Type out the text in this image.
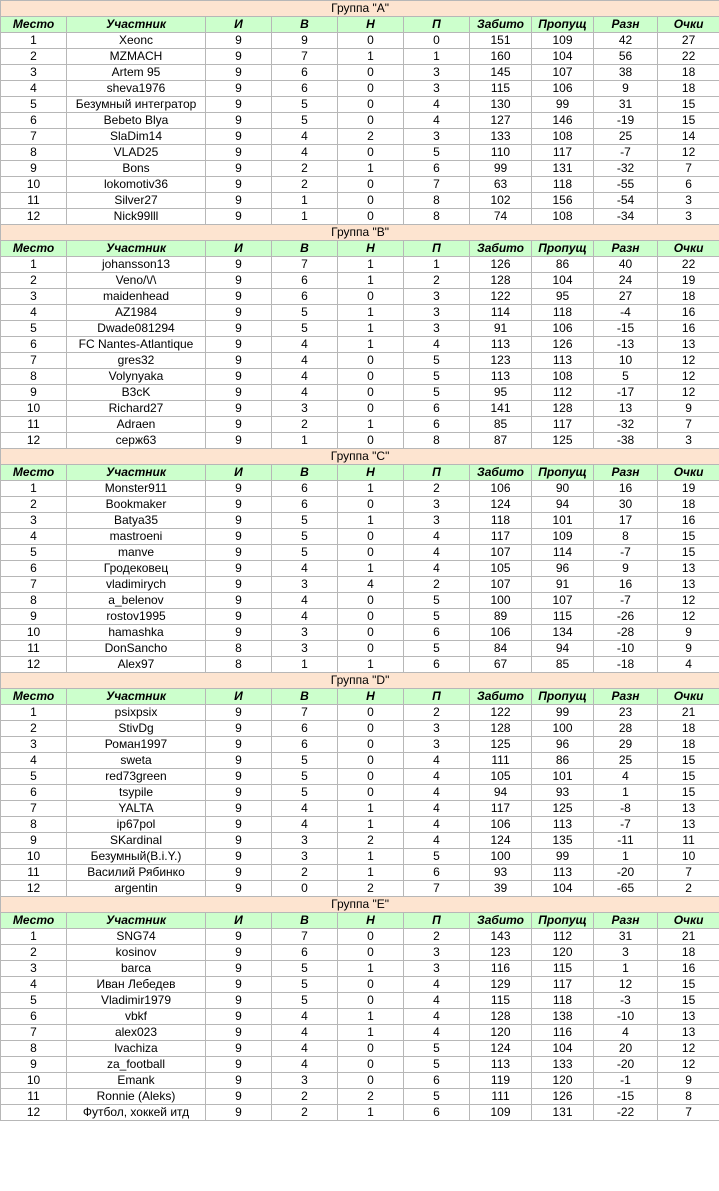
Группа "А"									
Место	Участник	И	В	Н	П	Забито	Пропущ	Разн	Очки
1	Xeonc	9	9	0	0	151	109	42	27
2	MZMACH	9	7	1	1	160	104	56	22
3	Artem 95	9	6	0	3	145	107	38	18
4	sheva1976	9	6	0	3	115	106	9	18
5	Безумный интегратор	9	5	0	4	130	99	31	15
6	Bebeto Blya	9	5	0	4	127	146	-19	15
7	SlaDim14	9	4	2	3	133	108	25	14
8	VLAD25	9	4	0	5	110	117	-7	12
9	Bons	9	2	1	6	99	131	-32	7
10	lokomotiv36	9	2	0	7	63	118	-55	6
11	Silver27	9	1	0	8	102	156	-54	3
12	Nick99lll	9	1	0	8	74	108	-34	3
Группа "В"									
Место	Участник	И	В	Н	П	Забито	Пропущ	Разн	Очки
1	johansson13	9	7	1	1	126	86	40	22
2	Veno/\/\	9	6	1	2	128	104	24	19
3	maidenhead	9	6	0	3	122	95	27	18
4	AZ1984	9	5	1	3	114	118	-4	16
5	Dwade081294	9	5	1	3	91	106	-15	16
6	FC Nantes-Atlantique	9	4	1	4	113	126	-13	13
7	gres32	9	4	0	5	123	113	10	12
8	Volynyaka	9	4	0	5	113	108	5	12
9	B3cK	9	4	0	5	95	112	-17	12
10	Richard27	9	3	0	6	141	128	13	9
11	Adraen	9	2	1	6	85	117	-32	7
12	серж63	9	1	0	8	87	125	-38	3
Группа "С"									
Место	Участник	И	В	Н	П	Забито	Пропущ	Разн	Очки
1	Monster911	9	6	1	2	106	90	16	19
2	Bookmaker	9	6	0	3	124	94	30	18
3	Batya35	9	5	1	3	118	101	17	16
4	mastroeni	9	5	0	4	117	109	8	15
5	manve	9	5	0	4	107	114	-7	15
6	Гродековец	9	4	1	4	105	96	9	13
7	vladimirych	9	3	4	2	107	91	16	13
8	a_belenov	9	4	0	5	100	107	-7	12
9	rostov1995	9	4	0	5	89	115	-26	12
10	hamashka	9	3	0	6	106	134	-28	9
11	DonSancho	8	3	0	5	84	94	-10	9
12	Alex97	8	1	1	6	67	85	-18	4
Группа "D"									
Место	Участник	И	В	Н	П	Забито	Пропущ	Разн	Очки
1	psixpsix	9	7	0	2	122	99	23	21
2	StivDg	9	6	0	3	128	100	28	18
3	Роман1997	9	6	0	3	125	96	29	18
4	sweta	9	5	0	4	111	86	25	15
5	red73green	9	5	0	4	105	101	4	15
6	tsypile	9	5	0	4	94	93	1	15
7	YALTA	9	4	1	4	117	125	-8	13
8	ip67pol	9	4	1	4	106	113	-7	13
9	SKardinal	9	3	2	4	124	135	-11	11
10	Безумный(B.i.Y.)	9	3	1	5	100	99	1	10
11	Василий Рябинко	9	2	1	6	93	113	-20	7
12	argentin	9	0	2	7	39	104	-65	2
Группа "Е"									
Место	Участник	И	В	Н	П	Забито	Пропущ	Разн	Очки
1	SNG74	9	7	0	2	143	112	31	21
2	kosinov	9	6	0	3	123	120	3	18
3	barca	9	5	1	3	116	115	1	16
4	Иван Лебедев	9	5	0	4	129	117	12	15
5	Vladimir1979	9	5	0	4	115	118	-3	15
6	vbkf	9	4	1	4	128	138	-10	13
7	alex023	9	4	1	4	120	116	4	13
8	lvachiza	9	4	0	5	124	104	20	12
9	za_football	9	4	0	5	113	133	-20	12
10	Emank	9	3	0	6	119	120	-1	9
11	Ronnie (Aleks)	9	2	2	5	111	126	-15	8
12	Футбол, хоккей итд	9	2	1	6	109	131	-22	7
